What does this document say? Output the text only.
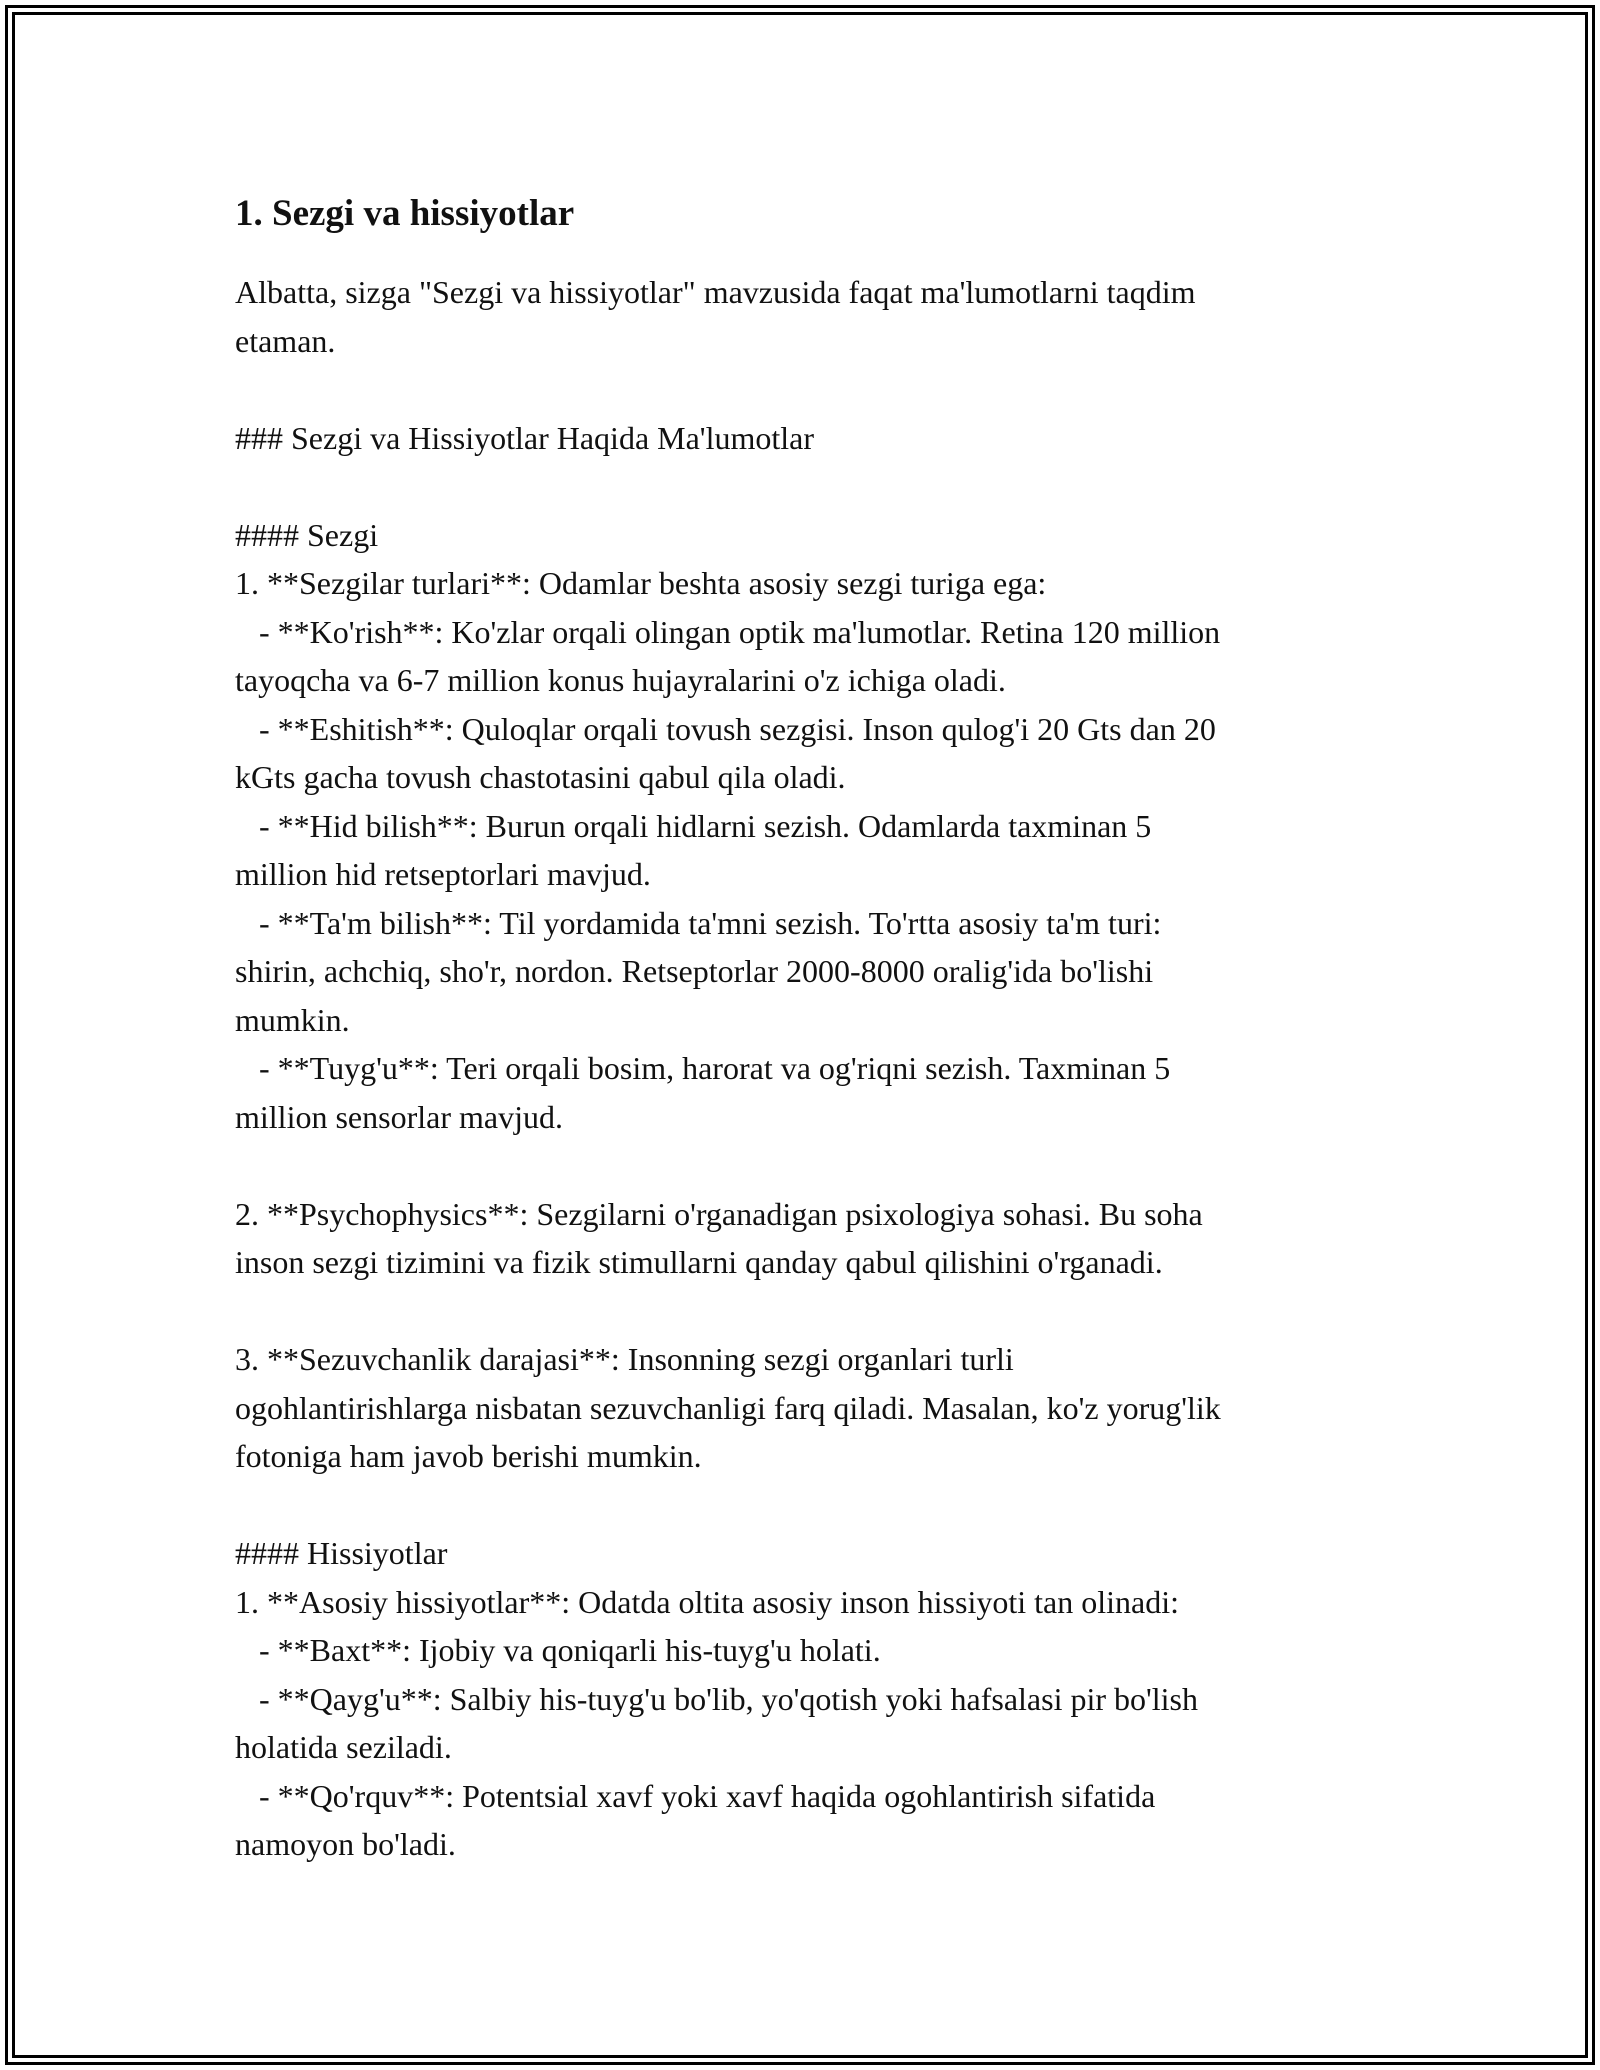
1. Sezgi va hissiyotlar
Albatta, sizga "Sezgi va hissiyotlar" mavzusida faqat ma'lumotlarni taqdim
etaman.
### Sezgi va Hissiyotlar Haqida Ma'lumotlar
#### Sezgi
1. **Sezgilar turlari**: Odamlar beshta asosiy sezgi turiga ega:
- **Ko'rish**: Ko'zlar orqali olingan optik ma'lumotlar. Retina 120 million
tayoqcha va 6-7 million konus hujayralarini o'z ichiga oladi.
- **Eshitish**: Quloqlar orqali tovush sezgisi. Inson qulog'i 20 Gts dan 20
kGts gacha tovush chastotasini qabul qila oladi.
- **Hid bilish**: Burun orqali hidlarni sezish. Odamlarda taxminan 5
million hid retseptorlari mavjud.
- **Ta'm bilish**: Til yordamida ta'mni sezish. To'rtta asosiy ta'm turi:
shirin, achchiq, sho'r, nordon. Retseptorlar 2000-8000 oralig'ida bo'lishi
mumkin.
- **Tuyg'u**: Teri orqali bosim, harorat va og'riqni sezish. Taxminan 5
million sensorlar mavjud.
2. **Psychophysics**: Sezgilarni o'rganadigan psixologiya sohasi. Bu soha
inson sezgi tizimini va fizik stimullarni qanday qabul qilishini o'rganadi.
3. **Sezuvchanlik darajasi**: Insonning sezgi organlari turli
ogohlantirishlarga nisbatan sezuvchanligi farq qiladi. Masalan, ko'z yorug'lik
fotoniga ham javob berishi mumkin.
#### Hissiyotlar
1. **Asosiy hissiyotlar**: Odatda oltita asosiy inson hissiyoti tan olinadi:
- **Baxt**: Ijobiy va qoniqarli his-tuyg'u holati.
- **Qayg'u**: Salbiy his-tuyg'u bo'lib, yo'qotish yoki hafsalasi pir bo'lish
holatida seziladi.
- **Qo'rquv**: Potentsial xavf yoki xavf haqida ogohlantirish sifatida
namoyon bo'ladi.
